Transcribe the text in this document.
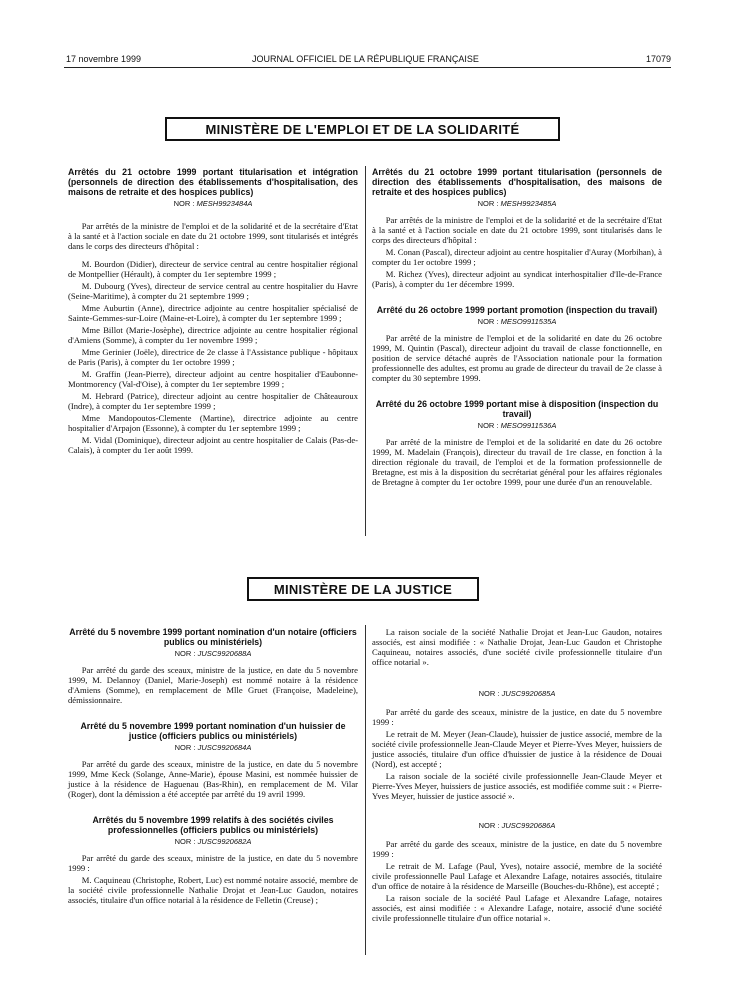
17 novembre 1999	JOURNAL OFFICIEL DE LA RÉPUBLIQUE FRANÇAISE	17079
MINISTÈRE DE L'EMPLOI ET DE LA SOLIDARITÉ
Arrêtés du 21 octobre 1999 portant titularisation et intégration (personnels de direction des établissements d'hospitalisation, des maisons de retraite et des hospices publics)
NOR : MESH9923484A

Par arrêtés de la ministre de l'emploi et de la solidarité et de la secrétaire d'Etat à la santé et à l'action sociale en date du 21 octobre 1999, sont titularisés et intégrés dans le corps des directeurs d'hôpital :

M. Bourdon (Didier), directeur de service central au centre hospitalier régional de Montpellier (Hérault), à compter du 1er septembre 1999 ;

M. Dubourg (Yves), directeur de service central au centre hospitalier du Havre (Seine-Maritime), à compter du 21 septembre 1999 ;

Mme Auburtin (Anne), directrice adjointe au centre hospitalier spécialisé de Sainte-Gemmes-sur-Loire (Maine-et-Loire), à compter du 1er septembre 1999 ;

Mme Billot (Marie-Josèphe), directrice adjointe au centre hospitalier régional d'Amiens (Somme), à compter du 1er novembre 1999 ;

Mme Gerinier (Joële), directrice de 2e classe à l'Assistance publique - hôpitaux de Paris (Paris), à compter du 1er octobre 1999 ;

M. Graffin (Jean-Pierre), directeur adjoint au centre hospitalier d'Eaubonne-Montmorency (Val-d'Oise), à compter du 1er septembre 1999 ;

M. Hebrard (Patrice), directeur adjoint au centre hospitalier de Châteauroux (Indre), à compter du 1er septembre 1999 ;

Mme Mandopoutos-Clemente (Martine), directrice adjointe au centre hospitalier d'Arpajon (Essonne), à compter du 1er septembre 1999 ;

M. Vidal (Dominique), directeur adjoint au centre hospitalier de Calais (Pas-de-Calais), à compter du 1er août 1999.

Arrêtés du 21 octobre 1999 portant titularisation (personnels de direction des établissements d'hospitalisation, des maisons de retraite et des hospices publics)
NOR : MESH9923485A

Par arrêtés de la ministre de l'emploi et de la solidarité et de la secrétaire d'Etat à la santé et à l'action sociale en date du 21 octobre 1999, sont titularisés dans le corps des directeurs d'hôpital :

M. Conan (Pascal), directeur adjoint au centre hospitalier d'Auray (Morbihan), à compter du 1er octobre 1999 ;

M. Richez (Yves), directeur adjoint au syndicat interhospitalier d'Ile-de-France (Paris), à compter du 1er décembre 1999.

Arrêté du 26 octobre 1999 portant promotion (inspection du travail)
NOR : MESO9911535A

Par arrêté de la ministre de l'emploi et de la solidarité en date du 26 octobre 1999, M. Quintin (Pascal), directeur adjoint du travail de classe fonctionnelle, en position de service détaché auprès de l'Association nationale pour la formation professionnelle des adultes, est promu au grade de directeur du travail de 2e classe à compter du 30 septembre 1999.

Arrêté du 26 octobre 1999 portant mise à disposition (inspection du travail)
NOR : MESO9911536A

Par arrêté de la ministre de l'emploi et de la solidarité en date du 26 octobre 1999, M. Madelain (François), directeur du travail de 1re classe, en fonction à la direction régionale du travail, de l'emploi et de la formation professionnelle de Bretagne, est mis à la disposition du secrétariat général pour les affaires régionales de Bretagne à compter du 1er octobre 1999, pour une durée d'un an renouvelable.

MINISTÈRE DE LA JUSTICE
Arrêté du 5 novembre 1999 portant nomination d'un notaire (officiers publics ou ministériels)
NOR : JUSC9920688A

Par arrêté du garde des sceaux, ministre de la justice, en date du 5 novembre 1999, M. Delannoy (Daniel, Marie-Joseph) est nommé notaire à la résidence d'Amiens (Somme), en remplacement de Mlle Gruet (Françoise, Madeleine), démissionnaire.

Arrêté du 5 novembre 1999 portant nomination d'un huissier de justice (officiers publics ou ministériels)
NOR : JUSC9920684A

Par arrêté du garde des sceaux, ministre de la justice, en date du 5 novembre 1999, Mme Keck (Solange, Anne-Marie), épouse Masini, est nommée huissier de justice à la résidence de Haguenau (Bas-Rhin), en remplacement de M. Vilar (Roger), dont la démission a été acceptée par arrêté du 19 avril 1999.

Arrêtés du 5 novembre 1999 relatifs à des sociétés civiles professionnelles (officiers publics ou ministériels)
NOR : JUSC9920682A

Par arrêté du garde des sceaux, ministre de la justice, en date du 5 novembre 1999 :

M. Caquineau (Christophe, Robert, Luc) est nommé notaire associé, membre de la société civile professionnelle Nathalie Drojat et Jean-Luc Gaudon, notaires associés, titulaire d'un office notarial à la résidence de Felletin (Creuse) ;

La raison sociale de la société Nathalie Drojat et Jean-Luc Gaudon, notaires associés, est ainsi modifiée : « Nathalie Drojat, Jean-Luc Gaudon et Christophe Caquineau, notaires associés, d'une société civile professionnelle titulaire d'un office notarial ».

NOR : JUSC9920685A

Par arrêté du garde des sceaux, ministre de la justice, en date du 5 novembre 1999 :

Le retrait de M. Meyer (Jean-Claude), huissier de justice associé, membre de la société civile professionnelle Jean-Claude Meyer et Pierre-Yves Meyer, huissiers de justice associés, titulaire d'un office d'huissier de justice à la résidence de Douai (Nord), est accepté ;

La raison sociale de la société civile professionnelle Jean-Claude Meyer et Pierre-Yves Meyer, huissiers de justice associés, est modifiée comme suit : « Pierre-Yves Meyer, huissier de justice associé ».

NOR : JUSC9920686A

Par arrêté du garde des sceaux, ministre de la justice, en date du 5 novembre 1999 :

Le retrait de M. Lafage (Paul, Yves), notaire associé, membre de la société civile professionnelle Paul Lafage et Alexandre Lafage, notaires associés, titulaire d'un office de notaire à la résidence de Marseille (Bouches-du-Rhône), est accepté ;

La raison sociale de la société Paul Lafage et Alexandre Lafage, notaires associés, est ainsi modifiée : « Alexandre Lafage, notaire, associé d'une société civile professionnelle titulaire d'un office notarial ».
